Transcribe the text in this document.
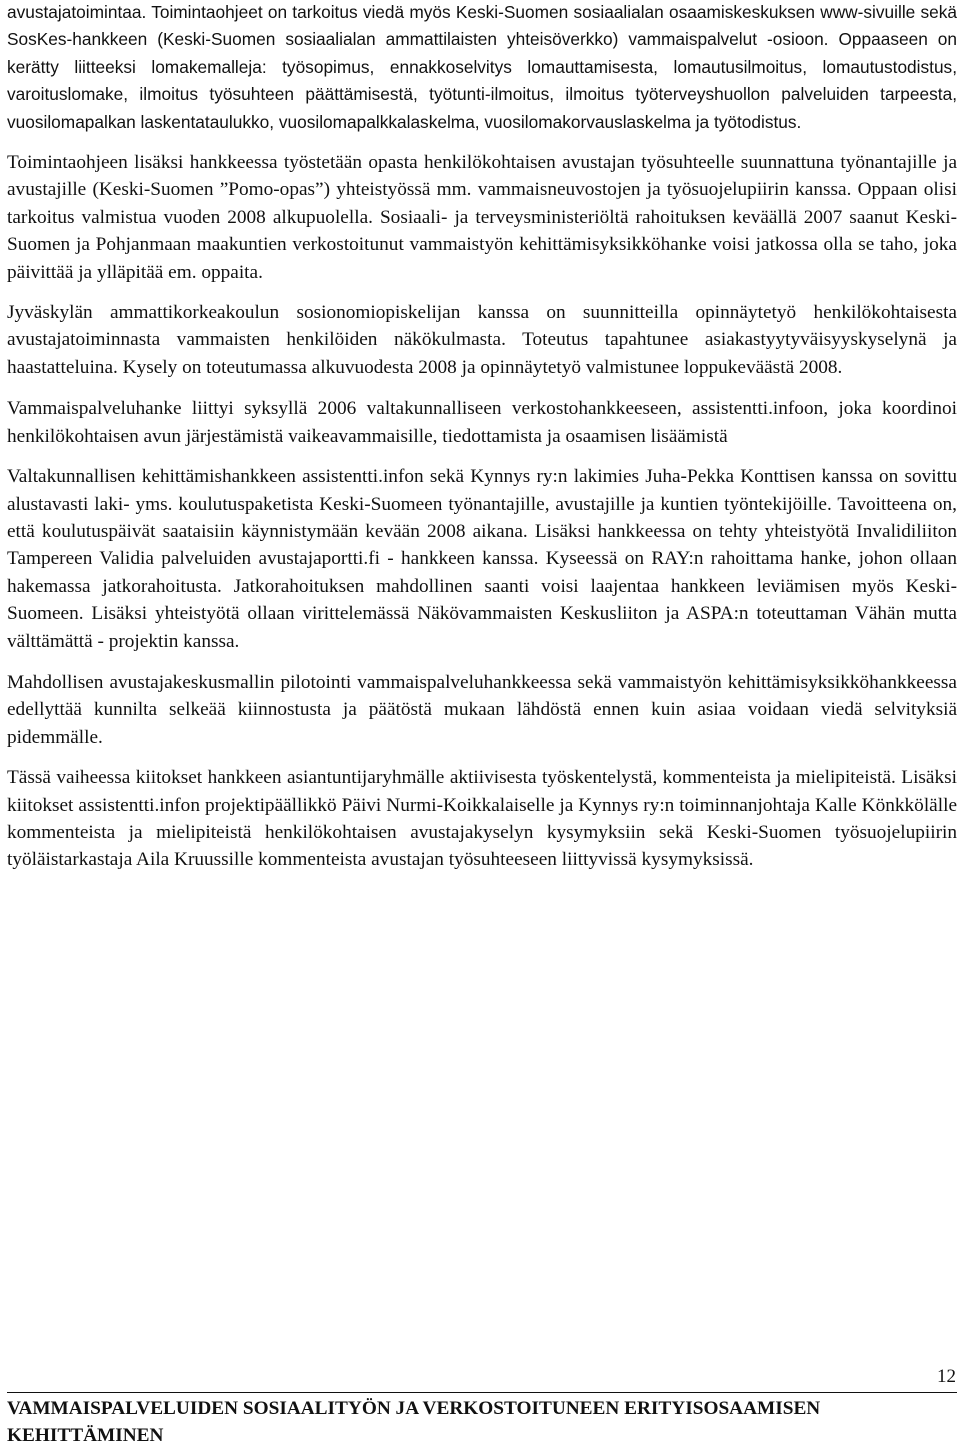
avustajatoimintaa. Toimintaohjeet on tarkoitus viedä myös Keski-Suomen sosiaalialan osaamiskeskuksen www-sivuille sekä SosKes-hankkeen (Keski-Suomen sosiaalialan ammattilaisten yhteisöverkko) vammaispalvelut -osioon. Oppaaseen on kerätty liitteeksi lomakemalleja: työsopimus, ennakkoselvitys lomauttamisesta, lomautusilmoitus, lomautustodistus, varoituslomake, ilmoitus työsuhteen päättämisestä, työtunti-ilmoitus, ilmoitus työterveyshuollon palveluiden tarpeesta, vuosilomapalkan laskentataulukko, vuosilomapalkkalaskelma, vuosilomakorvauslaskelma ja työtodistus.

Toimintaohjeen lisäksi hankkeessa työstetään opasta henkilökohtaisen avustajan työsuhteelle suunnattuna työnantajille ja avustajille (Keski-Suomen ”Pomo-opas”) yhteistyössä mm. vammaisneuvostojen ja työsuojelupiirin kanssa. Oppaan olisi tarkoitus valmistua vuoden 2008 alkupuolella. Sosiaali- ja terveysministeriöltä rahoituksen keväällä 2007 saanut Keski-Suomen ja Pohjanmaan maakuntien verkostoitunut vammaistyön kehittämisyksikköhanke voisi jatkossa olla se taho, joka päivittää ja ylläpitää em. oppaita.

Jyväskylän ammattikorkeakoulun sosionomiopiskelijan kanssa on suunnitteilla opinnäytetyö henkilökohtaisesta avustajatoiminnasta vammaisten henkilöiden näkökulmasta. Toteutus tapahtunee asiakastyytyväisyyskyselynä ja haastatteluina. Kysely on toteutumassa alkuvuodesta 2008 ja opinnäytetyö valmistunee loppukeväästä 2008.

Vammaispalveluhanke liittyi syksyllä 2006 valtakunnalliseen verkostohankkeeseen, assistentti.infoon, joka koordinoi henkilökohtaisen avun järjestämistä vaikeavammaisille, tiedottamista ja osaamisen lisäämistä

Valtakunnallisen kehittämishankkeen assistentti.infon sekä Kynnys ry:n lakimies Juha-Pekka Konttisen kanssa on sovittu alustavasti laki- yms. koulutuspaketista Keski-Suomeen työnantajille, avustajille ja kuntien työntekijöille. Tavoitteena on, että koulutuspäivät saataisiin käynnistymään kevään 2008 aikana. Lisäksi hankkeessa on tehty yhteistyötä Invalidiliiton Tampereen Validia palveluiden avustajaportti.fi - hankkeen kanssa. Kyseessä on RAY:n rahoittama hanke, johon ollaan hakemassa jatkorahoitusta. Jatkorahoituksen mahdollinen saanti voisi laajentaa hankkeen leviämisen myös Keski-Suomeen. Lisäksi yhteistyötä ollaan virittelemässä Näkövammaisten Keskusliiton ja ASPA:n toteuttaman Vähän mutta välttämättä - projektin kanssa.

Mahdollisen avustajakeskusmallin pilotointi vammaispalveluhankkeessa sekä vammaistyön kehittämisyksikköhankkeessa edellyttää kunnilta selkeää kiinnostusta ja päätöstä mukaan lähdöstä ennen kuin asiaa voidaan viedä selvityksiä pidemmälle.

Tässä vaiheessa kiitokset hankkeen asiantuntijaryhmälle aktiivisesta työskentelystä, kommenteista ja mielipiteistä. Lisäksi kiitokset assistentti.infon projektipäällikkö Päivi Nurmi-Koikkalaiselle ja Kynnys ry:n toiminnanjohtaja Kalle Könkkölälle kommenteista ja mielipiteistä henkilökohtaisen avustajakyselyn kysymyksiin sekä Keski-Suomen työsuojelupiirin työläistarkastaja Aila Kruussille kommenteista avustajan työsuhteeseen liittyvissä kysymyksissä.

12

VAMMAISPALVELUIDEN SOSIAALITYÖN JA VERKOSTOITUNEEN ERITYISOSAAMISEN KEHITTÄMINEN
